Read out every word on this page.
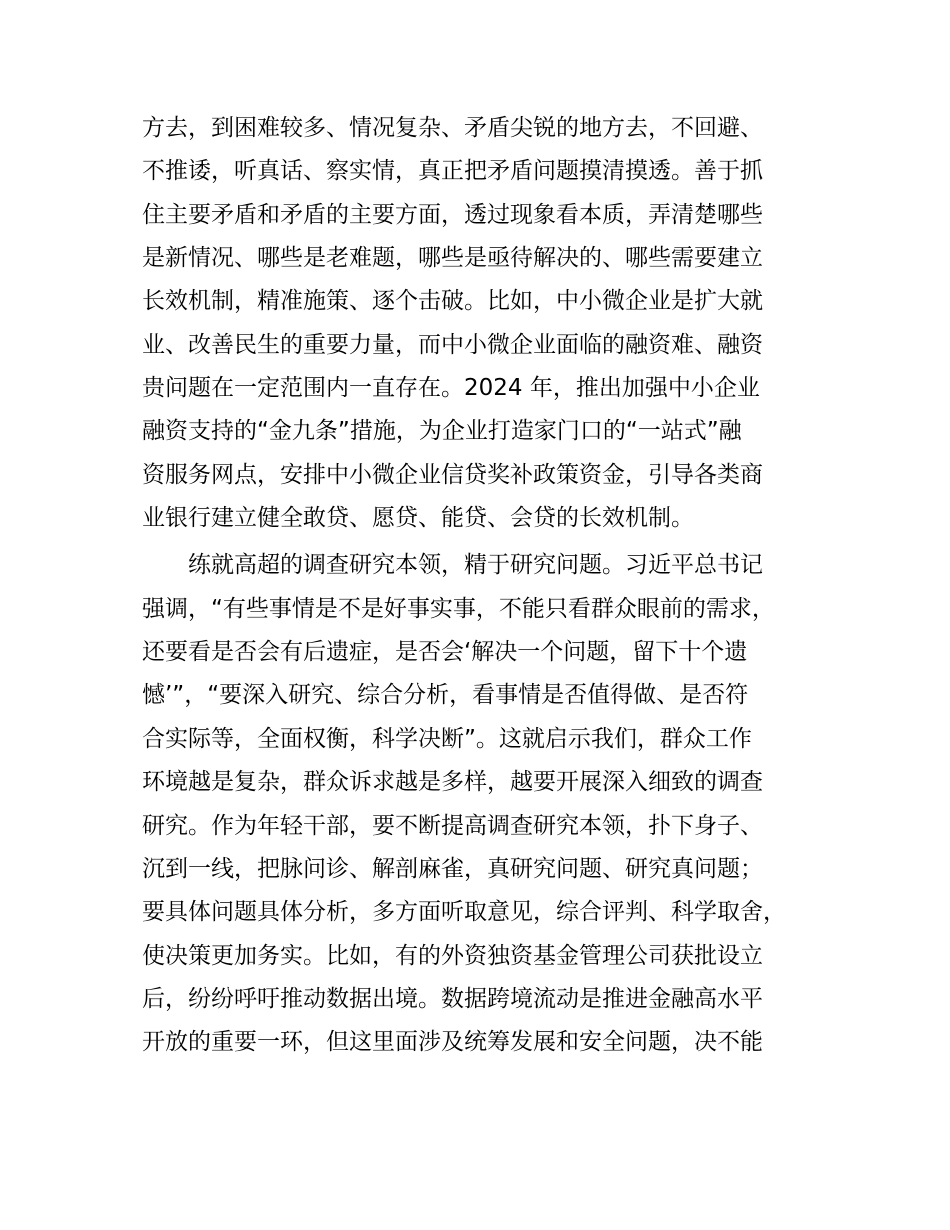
方去，到困难较多、情况复杂、矛盾尖锐的地方去，不回避、
不推诿，听真话、察实情，真正把矛盾问题摸清摸透。善于抓
住主要矛盾和矛盾的主要方面，透过现象看本质，弄清楚哪些
是新情况、哪些是老难题，哪些是亟待解决的、哪些需要建立
长效机制，精准施策、逐个击破。比如，中小微企业是扩大就
业、改善民生的重要力量，而中小微企业面临的融资难、融资
贵问题在一定范围内一直存在。2024 年，推出加强中小企业
融资支持的“金九条”措施，为企业打造家门口的“一站式”融
资服务网点，安排中小微企业信贷奖补政策资金，引导各类商
业银行建立健全敢贷、愿贷、能贷、会贷的长效机制。
练就高超的调查研究本领，精于研究问题。习近平总书记
强调，“有些事情是不是好事实事，不能只看群众眼前的需求，
还要看是否会有后遗症，是否会‘解决一个问题，留下十个遗
憾’”，“要深入研究、综合分析，看事情是否值得做、是否符
合实际等，全面权衡，科学决断”。这就启示我们，群众工作
环境越是复杂，群众诉求越是多样，越要开展深入细致的调查
研究。作为年轻干部，要不断提高调查研究本领，扑下身子、
沉到一线，把脉问诊、解剖麻雀，真研究问题、研究真问题；
要具体问题具体分析，多方面听取意见，综合评判、科学取舍，
使决策更加务实。比如，有的外资独资基金管理公司获批设立
后，纷纷呼吁推动数据出境。数据跨境流动是推进金融高水平
开放的重要一环，但这里面涉及统筹发展和安全问题，决不能
